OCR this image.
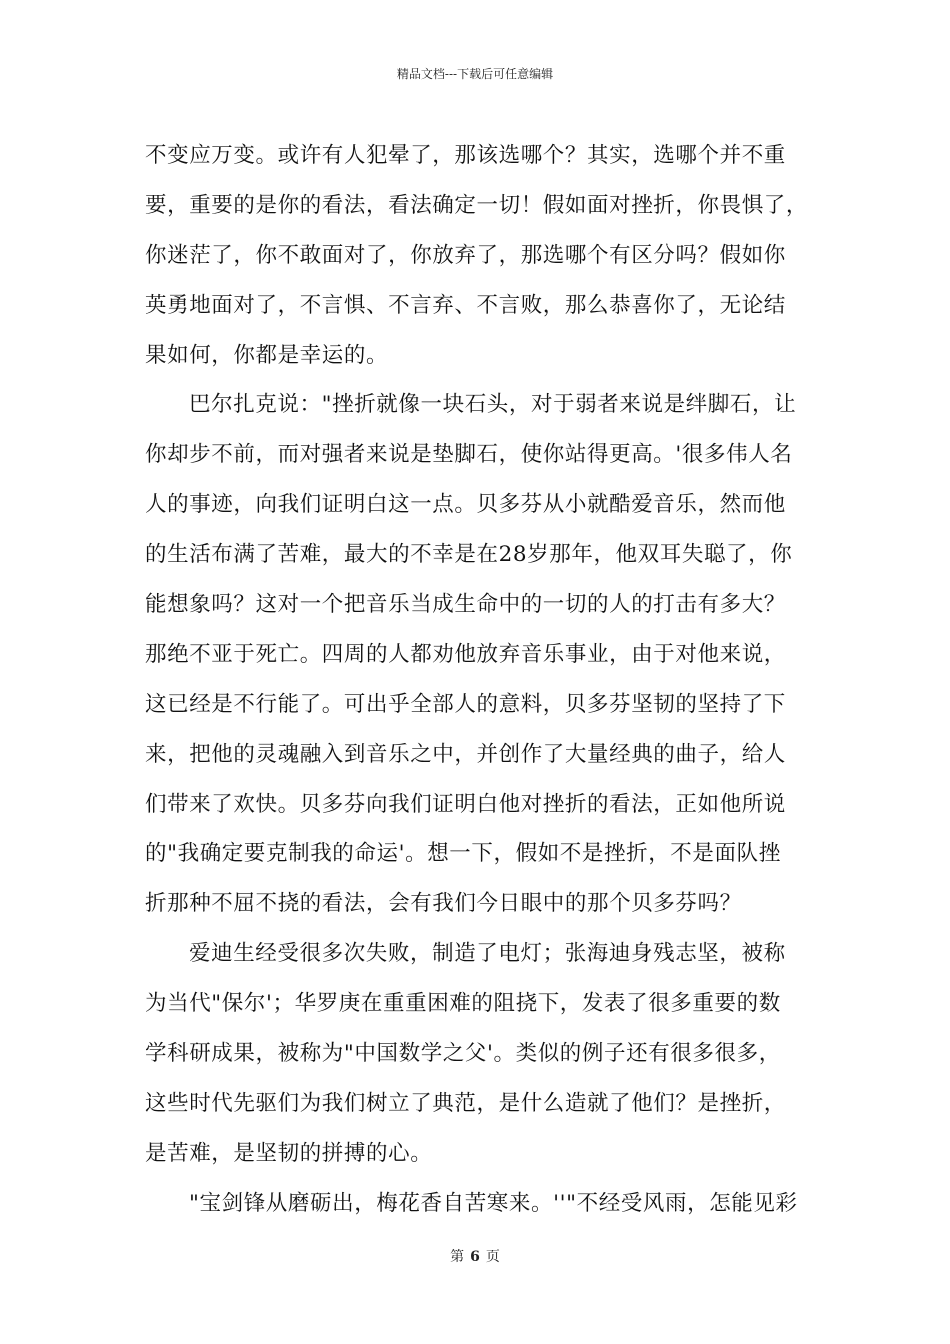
精品文档---下载后可任意编辑
不变应万变。或许有人犯晕了，那该选哪个？其实，选哪个并不重
要，重要的是你的看法，看法确定一切！假如面对挫折，你畏惧了，
你迷茫了，你不敢面对了，你放弃了，那选哪个有区分吗？假如你
英勇地面对了，不言惧、不言弃、不言败，那么恭喜你了，无论结
果如何，你都是幸运的。
巴尔扎克说："挫折就像一块石头，对于弱者来说是绊脚石，让
你却步不前，而对强者来说是垫脚石，使你站得更高。'很多伟人名
人的事迹，向我们证明白这一点。贝多芬从小就酷爱音乐，然而他
的生活布满了苦难，最大的不幸是在28岁那年，他双耳失聪了，你
能想象吗？这对一个把音乐当成生命中的一切的人的打击有多大？
那绝不亚于死亡。四周的人都劝他放弃音乐事业，由于对他来说，
这已经是不行能了。可出乎全部人的意料，贝多芬坚韧的坚持了下
来，把他的灵魂融入到音乐之中，并创作了大量经典的曲子，给人
们带来了欢快。贝多芬向我们证明白他对挫折的看法，正如他所说
的"我确定要克制我的命运'。想一下，假如不是挫折，不是面队挫
折那种不屈不挠的看法，会有我们今日眼中的那个贝多芬吗？
爱迪生经受很多次失败，制造了电灯；张海迪身残志坚，被称
为当代"保尔'；华罗庚在重重困难的阻挠下，发表了很多重要的数
学科研成果，被称为"中国数学之父'。类似的例子还有很多很多，
这些时代先驱们为我们树立了典范，是什么造就了他们？是挫折，
是苦难，是坚韧的拼搏的心。
"宝剑锋从磨砺出，梅花香自苦寒来。''"不经受风雨，怎能见彩
第 6 页
